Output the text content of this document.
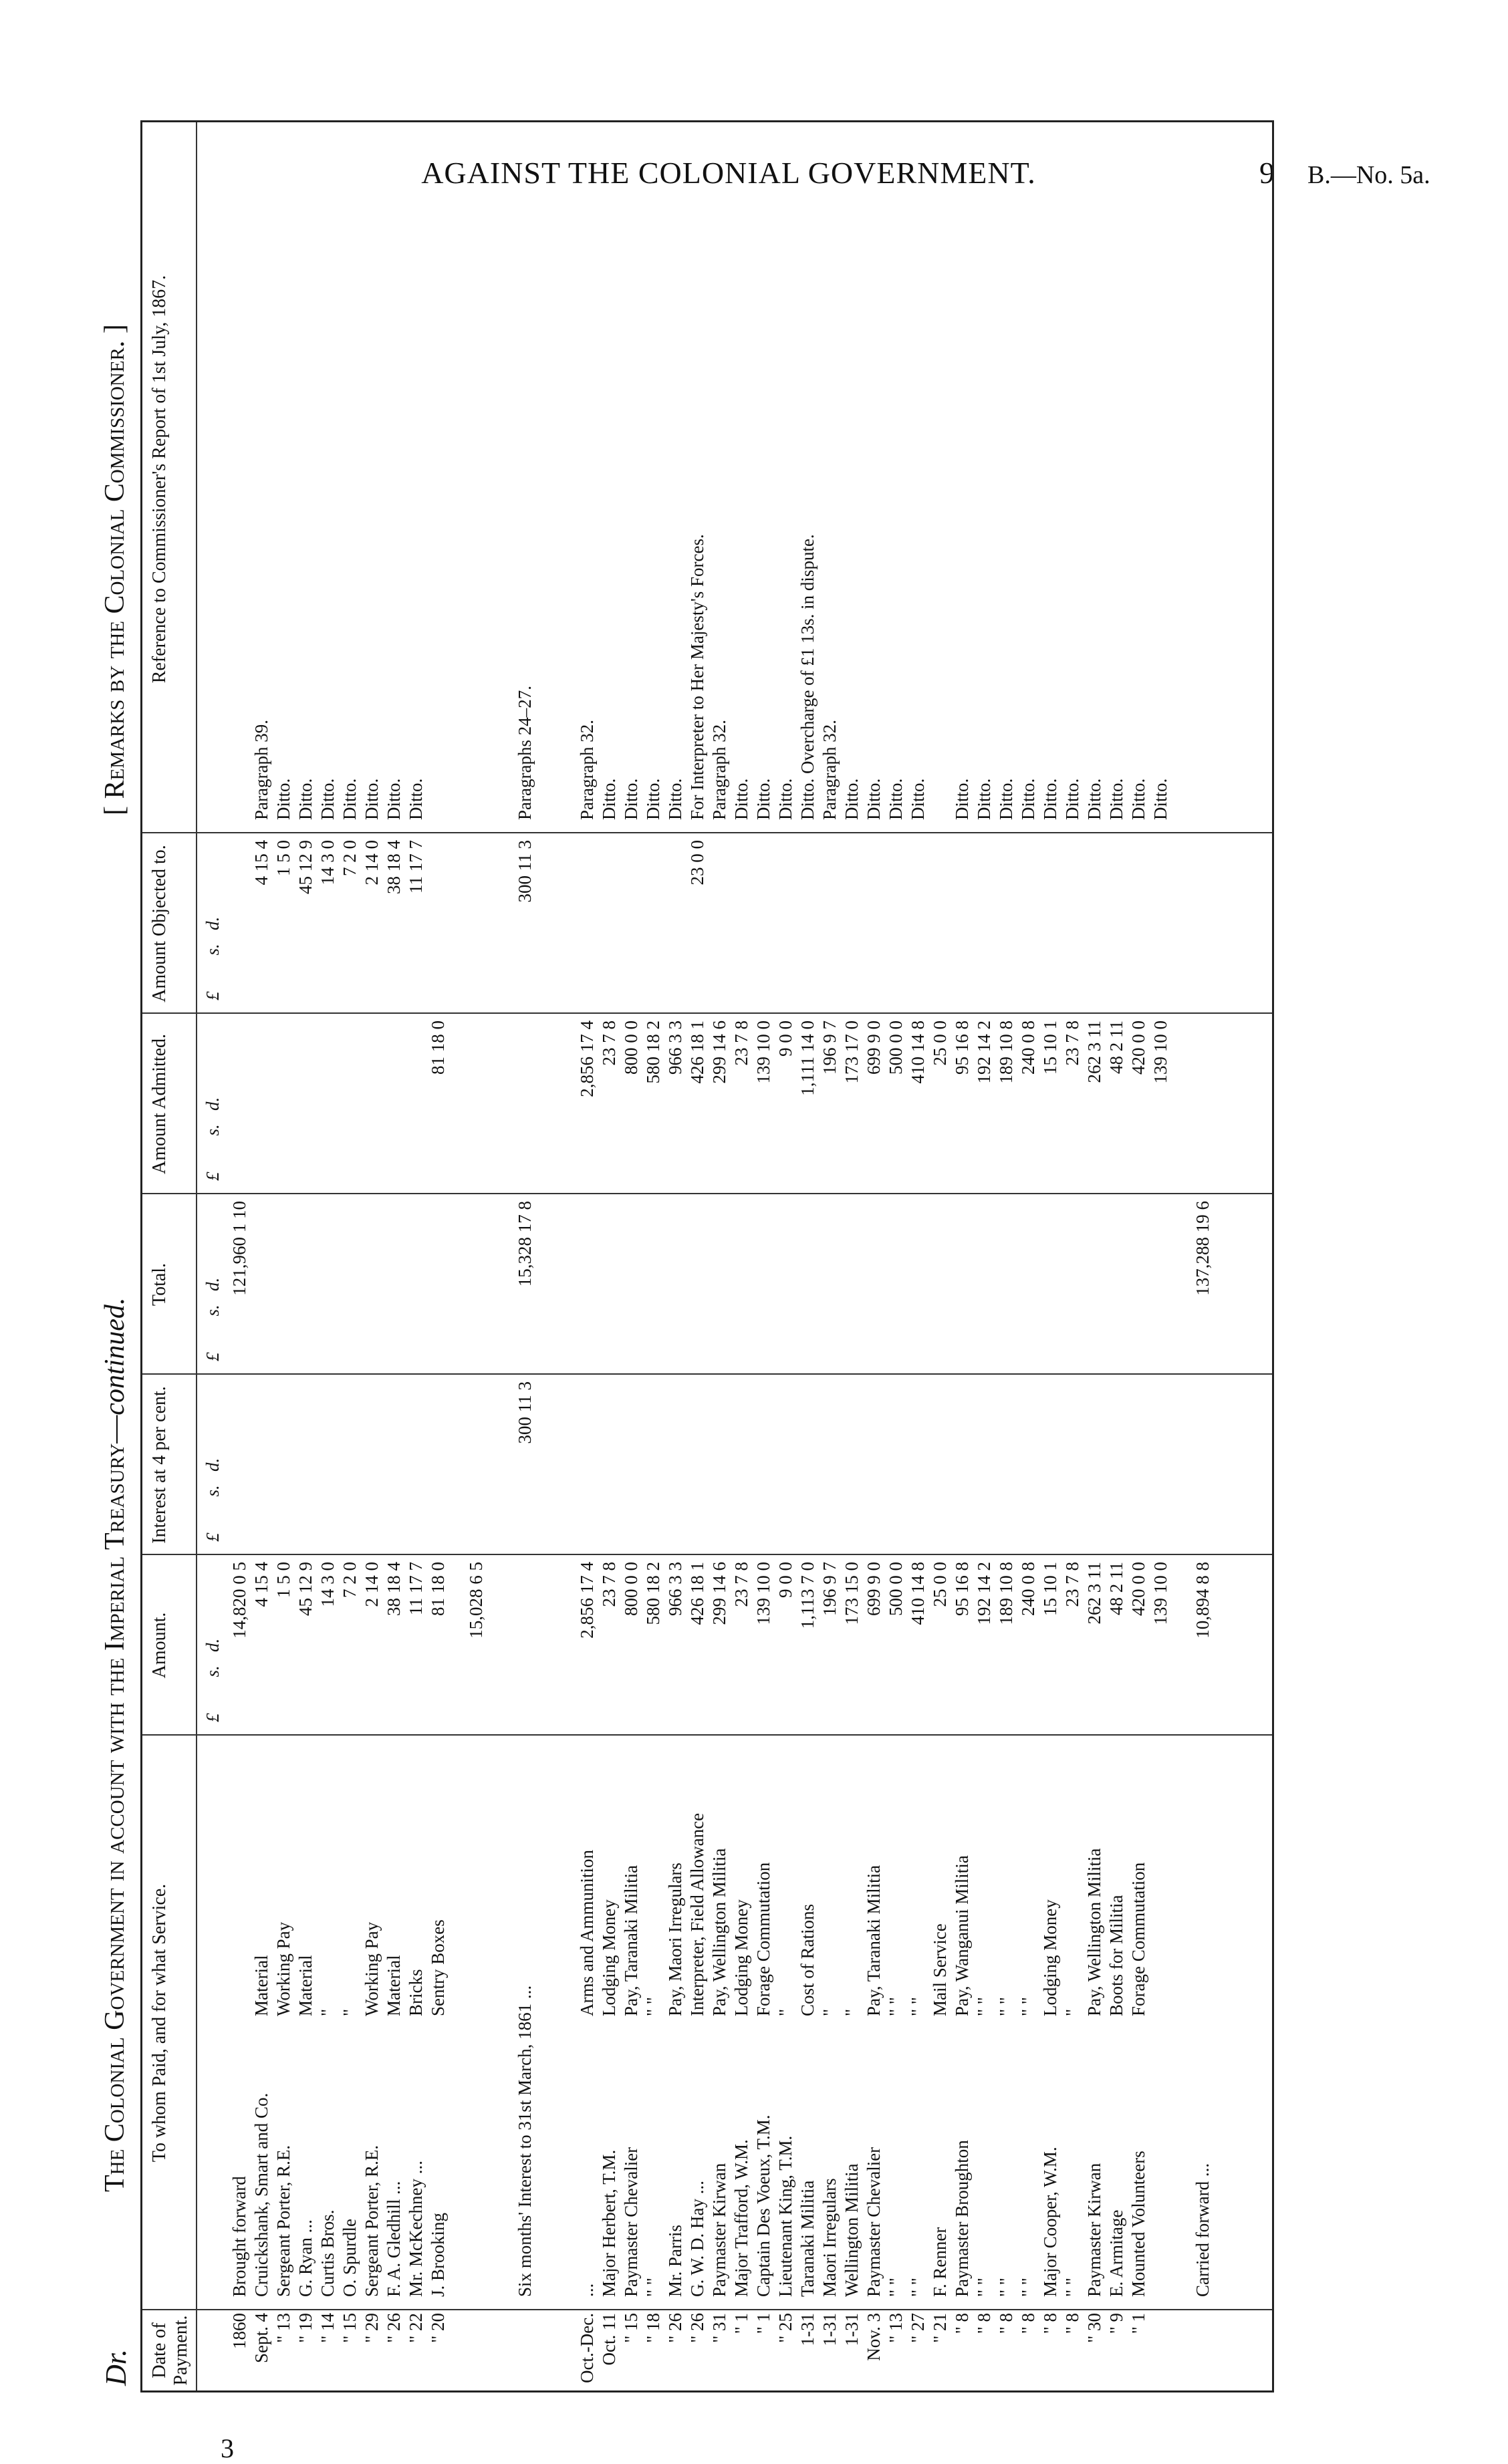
AGAINST THE COLONIAL GOVERNMENT.	9 B.—No. 5a.
Dr.
The Colonial Government in account with the Imperial Treasury—continued.
[ Remarks by the Colonial Commissioner. ]
Date of Payment.
To whom Paid, and for what Service.
Amount.
Interest at 4 per cent.
Total.
Amount Admitted.
Amount Objected to.
Reference to Commissioner's Report of 1st July, 1867.
£        s.   d.
£        s.   d.
£        s.   d.
£        s.   d.
£        s.   d.
1860
Brought forward
14,820 0 5
121,960 1 10
Sept. 4
Cruickshank, Smart and Co.
Material
4 15 4
4 15 4
Paragraph 39.
" 13
Sergeant Porter, R.E.
Working Pay
1 5 0
1 5 0
Ditto.
" 19
G. Ryan ...
Material
45 12 9
45 12 9
Ditto.
" 14
Curtis Bros.
"
14 3 0
14 3 0
Ditto.
" 15
O. Spurdle
"
7 2 0
7 2 0
Ditto.
" 29
Sergeant Porter, R.E.
Working Pay
2 14 0
2 14 0
Ditto.
" 26
F. A. Gledhill ...
Material
38 18 4
38 18 4
Ditto.
" 22
Mr. McKechney ...
Bricks
11 17 7
11 17 7
Ditto.
" 20
J. Brooking
Sentry Boxes
81 18 0
81 18 0
15,028 6 5
Six months' Interest to 31st March, 1861 ...
300 11 3
15,328 17 8
300 11 3
Paragraphs 24–27.
Oct.-Dec.
...
Arms and Ammunition
2,856 17 4
2,856 17 4
Paragraph 32.
Oct. 11
Major Herbert, T.M.
Lodging Money
23 7 8
23 7 8
Ditto.
" 15
Paymaster Chevalier
Pay, Taranaki Militia
800 0 0
800 0 0
Ditto.
" 18
" "
" "
580 18 2
580 18 2
Ditto.
" 26
Mr. Parris
Pay, Maori Irregulars
966 3 3
966 3 3
Ditto.
" 26
G. W. D. Hay ...
Interpreter, Field Allowance
426 18 1
426 18 1
23 0 0
For Interpreter to Her Majesty's Forces.
" 31
Paymaster Kirwan
Pay, Wellington Militia
299 14 6
299 14 6
Paragraph 32.
" 1
Major Trafford, W.M.
Lodging Money
23 7 8
23 7 8
Ditto.
" 1
Captain Des Voeux, T.M.
Forage Commutation
139 10 0
139 10 0
Ditto.
" 25
Lieutenant King, T.M.
"
9 0 0
9 0 0
Ditto.
1-31
Taranaki Militia
Cost of Rations
1,113 7 0
1,111 14 0
Ditto. Overcharge of £1 13s. in dispute.
1-31
Maori Irregulars
"
196 9 7
196 9 7
Paragraph 32.
1-31
Wellington Militia
"
173 15 0
173 17 0
Ditto.
Nov. 3
Paymaster Chevalier
Pay, Taranaki Militia
699 9 0
699 9 0
Ditto.
" 13
" "
" "
500 0 0
500 0 0
Ditto.
" 27
" "
" "
410 14 8
410 14 8
Ditto.
" 21
F. Renner
Mail Service
25 0 0
25 0 0
" 8
Paymaster Broughton
Pay, Wanganui Militia
95 16 8
95 16 8
Ditto.
" 8
" "
" "
192 14 2
192 14 2
Ditto.
" 8
" "
" "
189 10 8
189 10 8
Ditto.
" 8
" "
" "
240 0 8
240 0 8
Ditto.
" 8
Major Cooper, W.M.
Lodging Money
15 10 1
15 10 1
Ditto.
" 8
" "
"
23 7 8
23 7 8
Ditto.
" 30
Paymaster Kirwan
Pay, Wellington Militia
262 3 11
262 3 11
Ditto.
" 9
E. Armitage
Boots for Militia
48 2 11
48 2 11
Ditto.
" 1
Mounted Volunteers
Forage Commutation
420 0 0
420 0 0
Ditto.
139 10 0
139 10 0
Ditto.
Carried forward ...
10,894 8 8
137,288 19 6
3
